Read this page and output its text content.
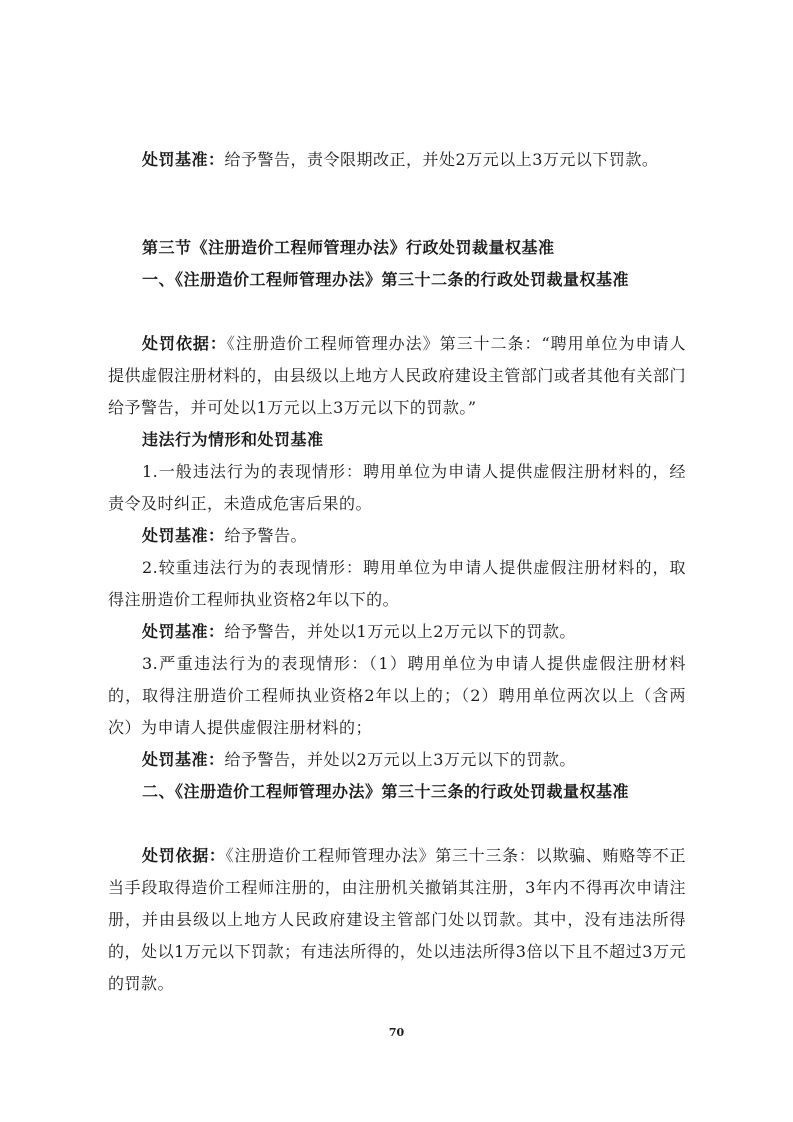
处罚基准：给予警告，责令限期改正，并处2万元以上3万元以下罚款。

第三节《注册造价工程师管理办法》行政处罚裁量权基准

一、《注册造价工程师管理办法》第三十二条的行政处罚裁量权基准

处罚依据：《注册造价工程师管理办法》第三十二条：“聘用单位为申请人提供虚假注册材料的，由县级以上地方人民政府建设主管部门或者其他有关部门给予警告，并可处以1万元以上3万元以下的罚款。”

违法行为情形和处罚基准

1.一般违法行为的表现情形：聘用单位为申请人提供虚假注册材料的，经责令及时纠正，未造成危害后果的。

处罚基准：给予警告。

2.较重违法行为的表现情形：聘用单位为申请人提供虚假注册材料的，取得注册造价工程师执业资格2年以下的。

处罚基准：给予警告，并处以1万元以上2万元以下的罚款。

3.严重违法行为的表现情形：（1）聘用单位为申请人提供虚假注册材料的，取得注册造价工程师执业资格2年以上的；（2）聘用单位两次以上（含两次）为申请人提供虚假注册材料的；

处罚基准：给予警告，并处以2万元以上3万元以下的罚款。

二、《注册造价工程师管理办法》第三十三条的行政处罚裁量权基准

处罚依据：《注册造价工程师管理办法》第三十三条：以欺骗、贿赂等不正当手段取得造价工程师注册的，由注册机关撤销其注册，3年内不得再次申请注册，并由县级以上地方人民政府建设主管部门处以罚款。其中，没有违法所得的，处以1万元以下罚款；有违法所得的，处以违法所得3倍以下且不超过3万元的罚款。

70
